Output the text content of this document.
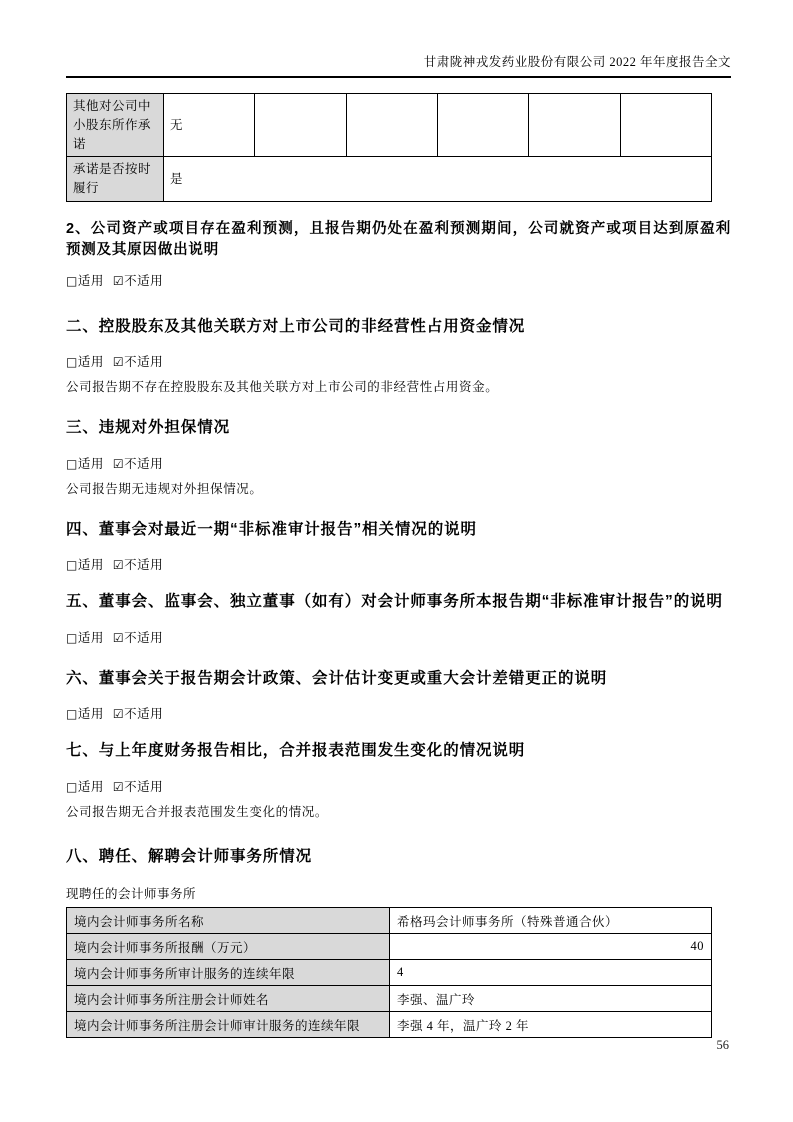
甘肃陇神戎发药业股份有限公司 2022 年年度报告全文
其他对公司中小股东所作承诺	无					
承诺是否按时履行	是					
2、公司资产或项目存在盈利预测，且报告期仍处在盈利预测期间，公司就资产或项目达到原盈利预测及其原因做出说明
□适用 ☑不适用
二、控股股东及其他关联方对上市公司的非经营性占用资金情况
□适用 ☑不适用
公司报告期不存在控股股东及其他关联方对上市公司的非经营性占用资金。
三、违规对外担保情况
□适用 ☑不适用
公司报告期无违规对外担保情况。
四、董事会对最近一期“非标准审计报告”相关情况的说明
□适用 ☑不适用
五、董事会、监事会、独立董事（如有）对会计师事务所本报告期“非标准审计报告”的说明
□适用 ☑不适用
六、董事会关于报告期会计政策、会计估计变更或重大会计差错更正的说明
□适用 ☑不适用
七、与上年度财务报告相比，合并报表范围发生变化的情况说明
□适用 ☑不适用
公司报告期无合并报表范围发生变化的情况。
八、聘任、解聘会计师事务所情况
现聘任的会计师事务所
境内会计师事务所名称	希格玛会计师事务所（特殊普通合伙）
境内会计师事务所报酬（万元）	40
境内会计师事务所审计服务的连续年限	4
境内会计师事务所注册会计师姓名	李强、温广玲
境内会计师事务所注册会计师审计服务的连续年限	李强 4 年，温广玲 2 年
56
